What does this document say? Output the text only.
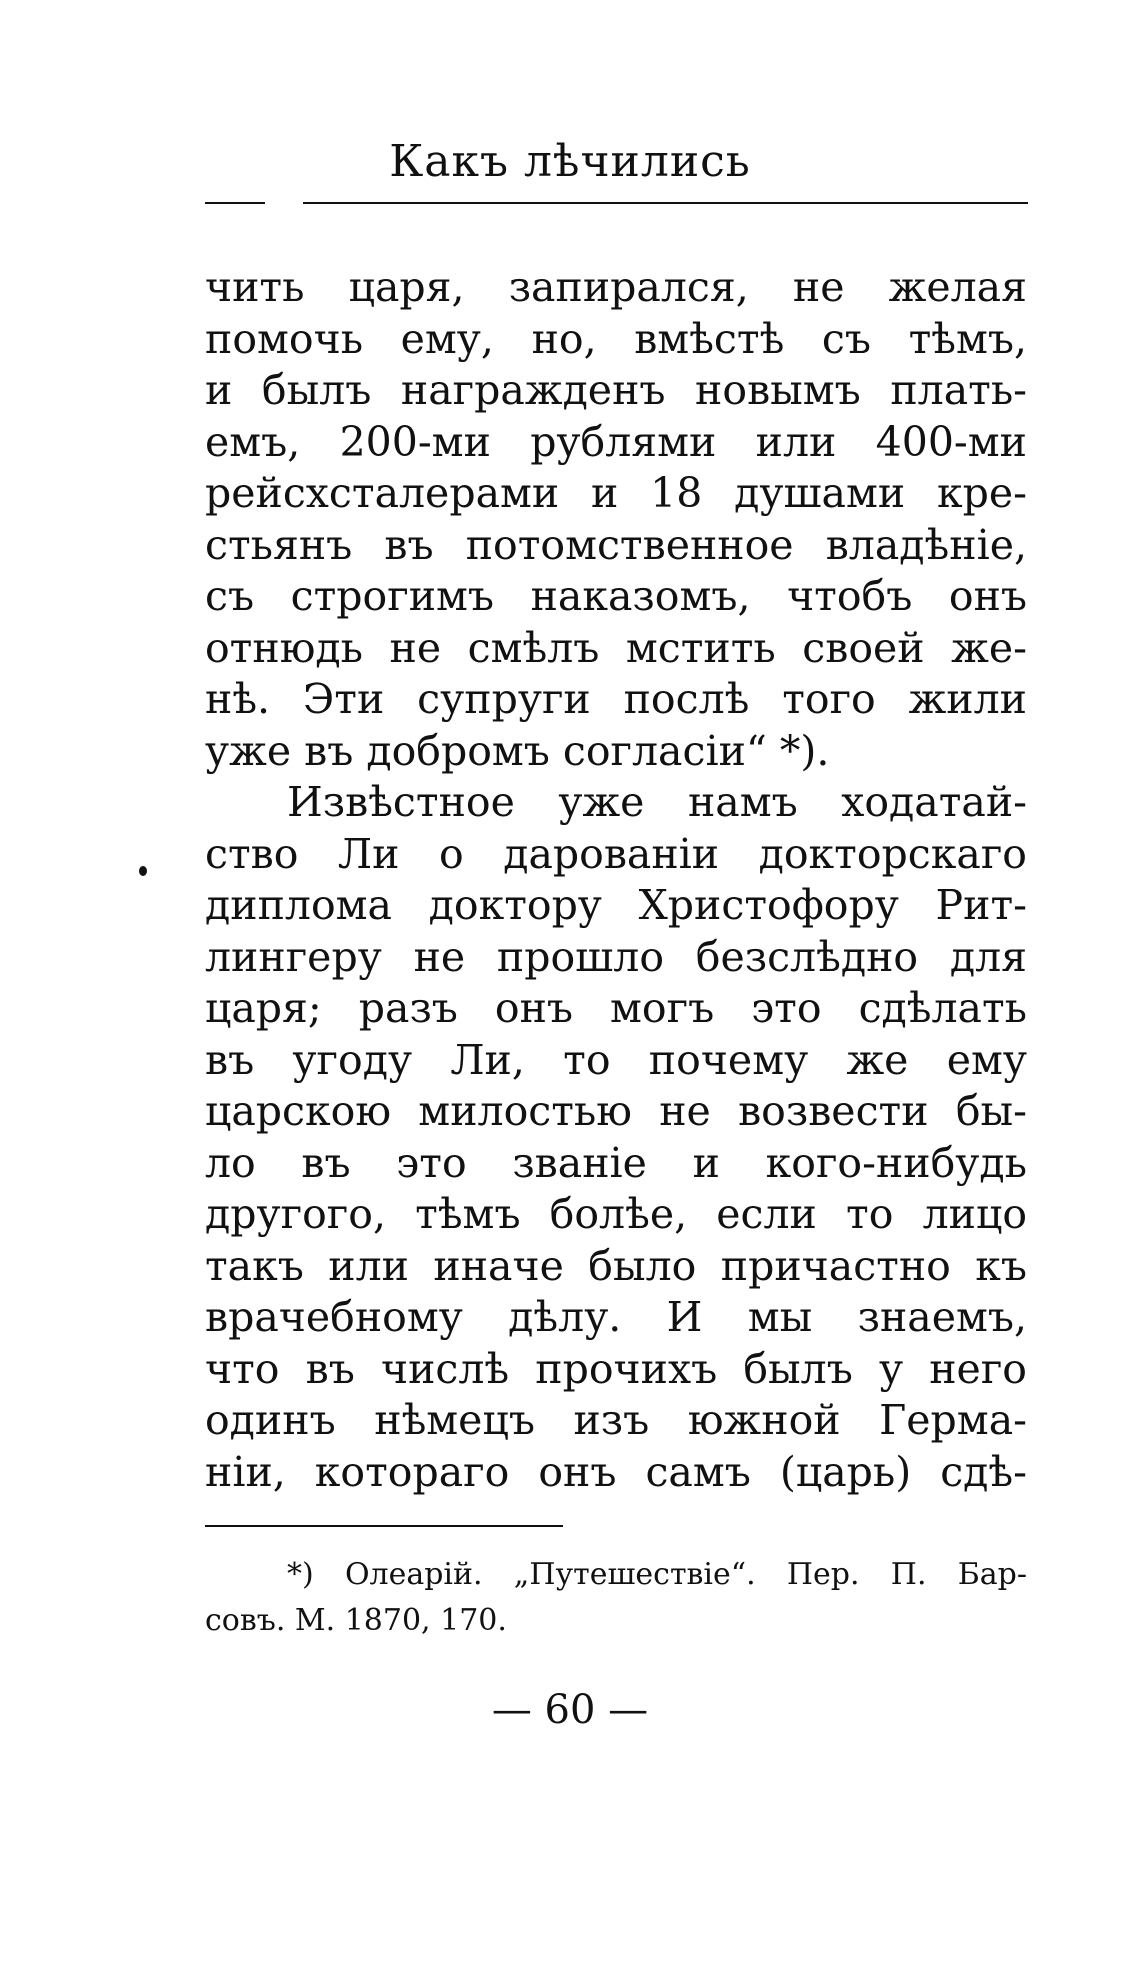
Какъ лѣчились
чить царя, запирался, не желая
помочь ему, но, вмѣстѣ съ тѣмъ,
и былъ награжденъ новымъ плать-
емъ, 200-ми рублями или 400-ми
рейсхсталерами и 18 душами кре-
стьянъ въ потомственное владѣніе,
съ строгимъ наказомъ, чтобъ онъ
отнюдь не смѣлъ мстить своей же-
нѣ. Эти супруги послѣ того жили
уже въ добромъ согласіи“ *).
Извѣстное уже намъ ходатай-
ство Ли о дарованіи докторскаго
диплома доктору Христофору Рит-
лингеру не прошло безслѣдно для
царя; разъ онъ могъ это сдѣлать
въ угоду Ли, то почему же ему
царскою милостью не возвести бы-
ло въ это званіе и кого-нибудь
другого, тѣмъ болѣе, если то лицо
такъ или иначе было причастно къ
врачебному дѣлу. И мы знаемъ,
что въ числѣ прочихъ былъ у него
одинъ нѣмецъ изъ южной Герма-
ніи, котораго онъ самъ (царь) сдѣ-
*) Олеарій. „Путешествіе“. Пер. П. Бар-
совъ. М. 1870, 170.
— 60 —
